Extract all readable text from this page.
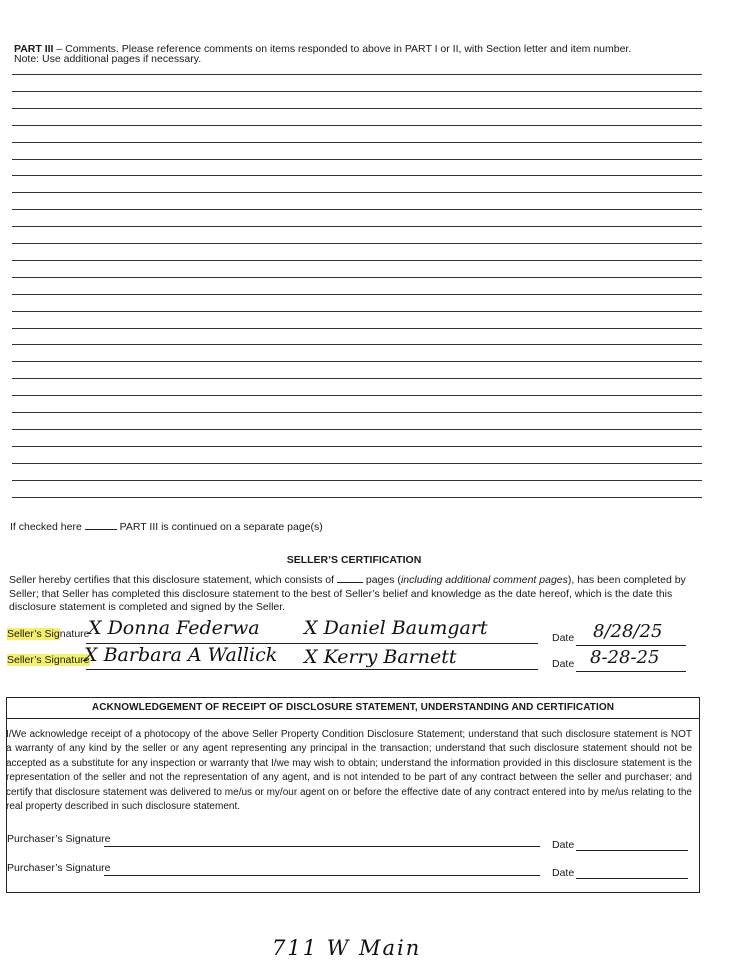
PART III – Comments. Please reference comments on items responded to above in PART I or II, with Section letter and item number.
Note: Use additional pages if necessary.
If checked here	PART III is continued on a separate page(s)
SELLER’S CERTIFICATION
Seller hereby certifies that this disclosure statement, which consists of	pages (including additional comment pages), has been completed by Seller; that Seller has completed this disclosure statement to the best of Seller’s belief and knowledge as the date hereof, which is the date this disclosure statement is completed and signed by the Seller.
Seller’s Signature
X Donna Federwa X Daniel Baumgart	Date 8/28/25
Seller’s Signature
X Barbara A Wallick X Kerry Barnett	Date 8-28-25
ACKNOWLEDGEMENT OF RECEIPT OF DISCLOSURE STATEMENT, UNDERSTANDING AND CERTIFICATION
I/We acknowledge receipt of a photocopy of the above Seller Property Condition Disclosure Statement; understand that such disclosure statement is NOT a warranty of any kind by the seller or any agent representing any principal in the transaction; understand that such disclosure statement should not be accepted as a substitute for any inspection or warranty that I/we may wish to obtain; understand the information provided in this disclosure statement is the representation of the seller and not the representation of any agent, and is not intended to be part of any contract between the seller and purchaser; and certify that disclosure statement was delivered to me/us or my/our agent on or before the effective date of any contract entered into by me/us relating to the real property described in such disclosure statement.
Purchaser’s Signature	Date
Purchaser’s Signature	Date
711 W Main
